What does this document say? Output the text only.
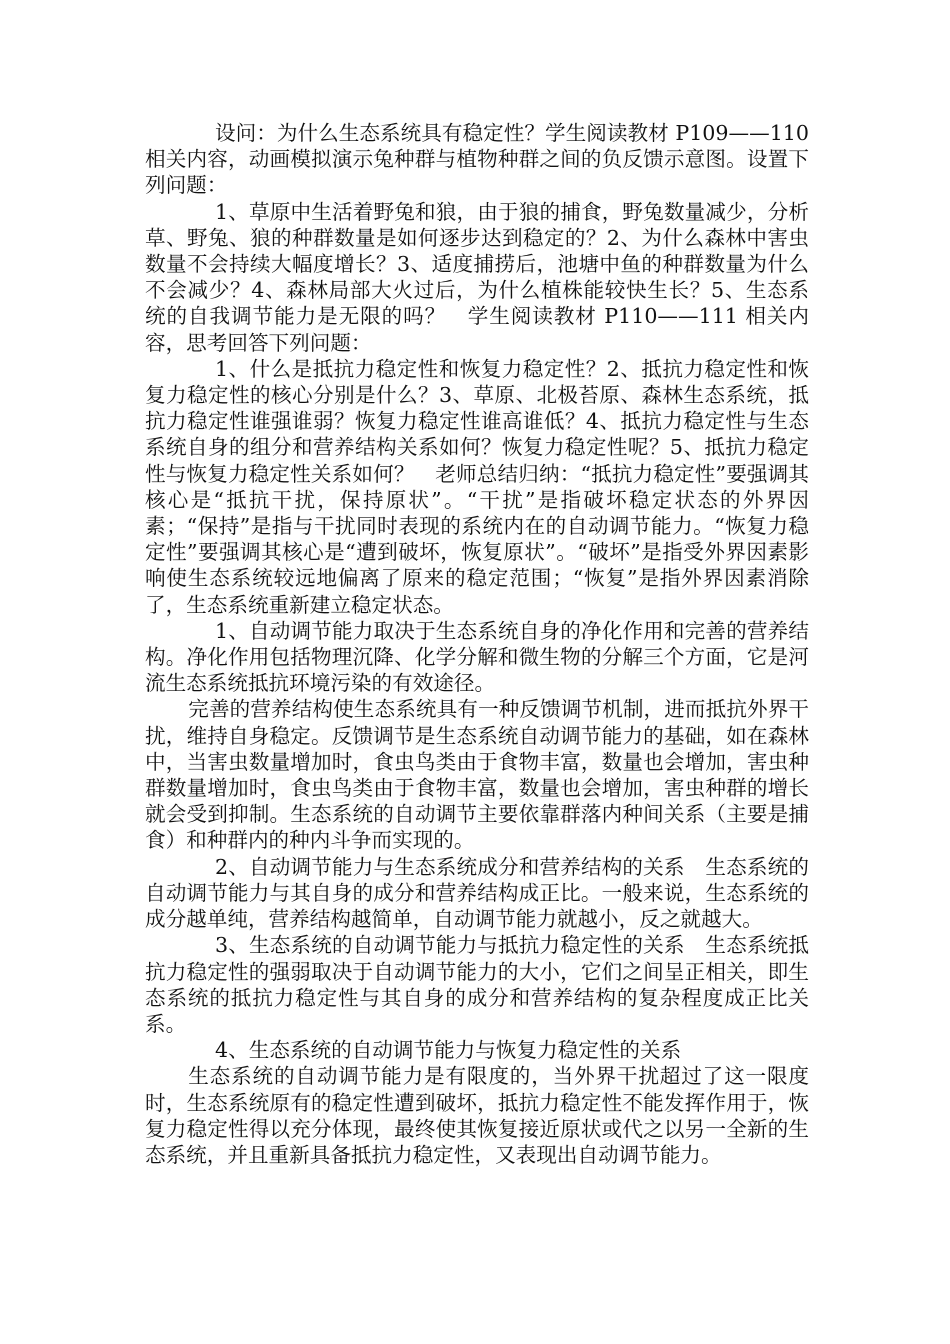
设问：为什么生态系统具有稳定性？学生阅读教材 P109——110 相关内容，动画模拟演示兔种群与植物种群之间的负反馈示意图。设置下列问题：

1、草原中生活着野兔和狼，由于狼的捕食，野兔数量减少，分析草、野兔、狼的种群数量是如何逐步达到稳定的？2、为什么森林中害虫数量不会持续大幅度增长？3、适度捕捞后，池塘中鱼的种群数量为什么不会减少？4、森林局部大火过后，为什么植株能较快生长？5、生态系统的自我调节能力是无限的吗？　学生阅读教材 P110——111 相关内容，思考回答下列问题：

1、什么是抵抗力稳定性和恢复力稳定性？2、抵抗力稳定性和恢复力稳定性的核心分别是什么？3、草原、北极苔原、森林生态系统，抵抗力稳定性谁强谁弱？恢复力稳定性谁高谁低？4、抵抗力稳定性与生态系统自身的组分和营养结构关系如何？恢复力稳定性呢？5、抵抗力稳定性与恢复力稳定性关系如何？　老师总结归纳：“抵抗力稳定性”要强调其核心是“抵抗干扰，保持原状”。“干扰”是指破坏稳定状态的外界因素；“保持”是指与干扰同时表现的系统内在的自动调节能力。“恢复力稳定性”要强调其核心是“遭到破坏，恢复原状”。“破坏”是指受外界因素影响使生态系统较远地偏离了原来的稳定范围；“恢复”是指外界因素消除了，生态系统重新建立稳定状态。

1、自动调节能力取决于生态系统自身的净化作用和完善的营养结构。净化作用包括物理沉降、化学分解和微生物的分解三个方面，它是河流生态系统抵抗环境污染的有效途径。

完善的营养结构使生态系统具有一种反馈调节机制，进而抵抗外界干扰，维持自身稳定。反馈调节是生态系统自动调节能力的基础，如在森林中，当害虫数量增加时，食虫鸟类由于食物丰富，数量也会增加，害虫种群数量增加时，食虫鸟类由于食物丰富，数量也会增加，害虫种群的增长就会受到抑制。生态系统的自动调节主要依靠群落内种间关系（主要是捕食）和种群内的种内斗争而实现的。

2、自动调节能力与生态系统成分和营养结构的关系　生态系统的自动调节能力与其自身的成分和营养结构成正比。一般来说，生态系统的成分越单纯，营养结构越简单，自动调节能力就越小，反之就越大。

3、生态系统的自动调节能力与抵抗力稳定性的关系　生态系统抵抗力稳定性的强弱取决于自动调节能力的大小，它们之间呈正相关，即生态系统的抵抗力稳定性与其自身的成分和营养结构的复杂程度成正比关系。

4、生态系统的自动调节能力与恢复力稳定性的关系

生态系统的自动调节能力是有限度的，当外界干扰超过了这一限度时，生态系统原有的稳定性遭到破坏，抵抗力稳定性不能发挥作用于，恢复力稳定性得以充分体现，最终使其恢复接近原状或代之以另一全新的生态系统，并且重新具备抵抗力稳定性，又表现出自动调节能力。
